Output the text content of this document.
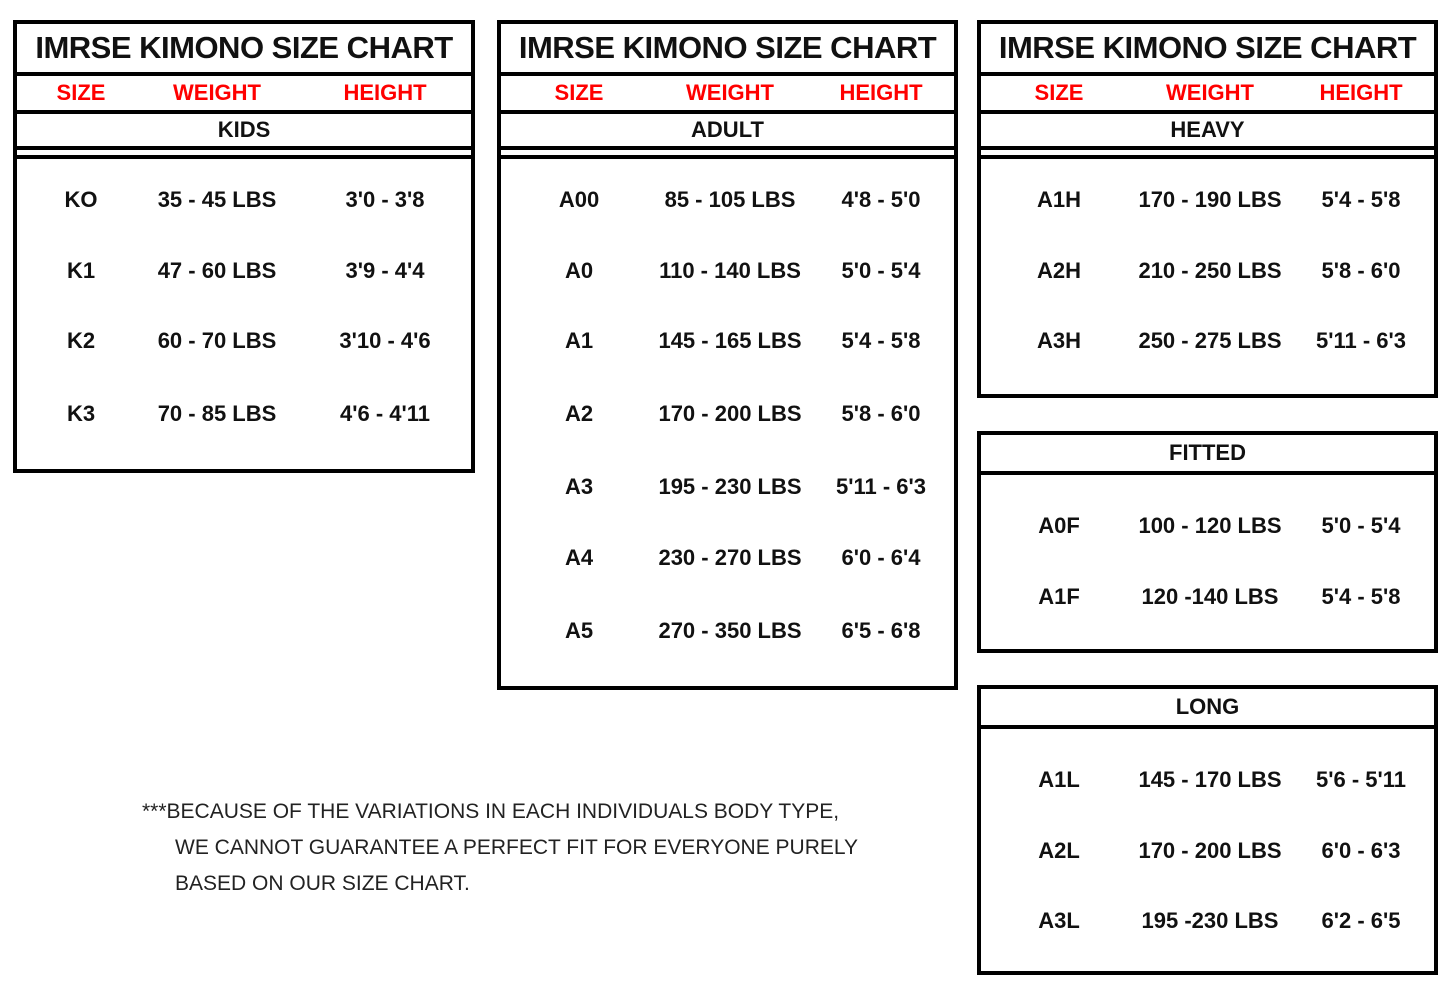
IMRSE KIMONO SIZE CHART
SIZE	WEIGHT	HEIGHT
KIDS
KO	35 - 45 LBS	3'0 - 3'8
K1	47 - 60 LBS	3'9 - 4'4
K2	60 - 70 LBS	3'10 - 4'6
K3	70 - 85 LBS	4'6 - 4'11
IMRSE KIMONO SIZE CHART
SIZE	WEIGHT	HEIGHT
ADULT
A00	85 - 105 LBS 4'8 - 5'0
A0	110 - 140 LBS 5'0 - 5'4
A1	145 - 165 LBS 5'4 - 5'8
A2	170 - 200 LBS 5'8 - 6'0
A3	195 - 230 LBS 5'11 - 6'3
A4	230 - 270 LBS 6'0 - 6'4
A5	270 - 350 LBS 6'5 - 6'8
IMRSE KIMONO SIZE CHART
SIZE	WEIGHT	HEIGHT
HEAVY
A1H	170 - 190 LBS 5'4 - 5'8
A2H	210 - 250 LBS 5'8 - 6'0
A3H	250 - 275 LBS 5'11 - 6'3
FITTED
A0F	100 - 120 LBS 5'0 - 5'4
A1F	120 -140 LBS 5'4 - 5'8
LONG
A1L	145 - 170 LBS 5'6 - 5'11
A2L	170 - 200 LBS 6'0 - 6'3
A3L	195 -230 LBS 6'2 - 6'5
***BECAUSE OF THE VARIATIONS IN EACH INDIVIDUALS BODY TYPE,
WE CANNOT GUARANTEE A PERFECT FIT FOR EVERYONE PURELY
BASED ON OUR SIZE CHART.
